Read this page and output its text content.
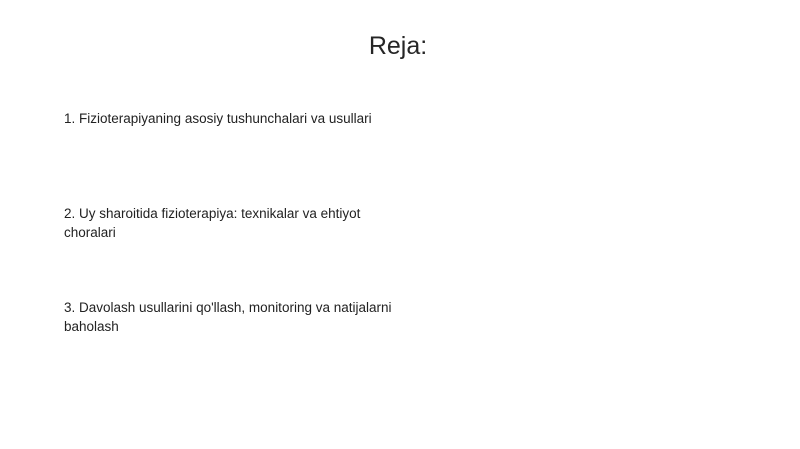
Reja:
1. Fizioterapiyaning asosiy tushunchalari va usullari
2. Uy sharoitida fizioterapiya: texnikalar va ehtiyot choralari
3. Davolash usullarini qo'llash, monitoring va natijalarni baholash
